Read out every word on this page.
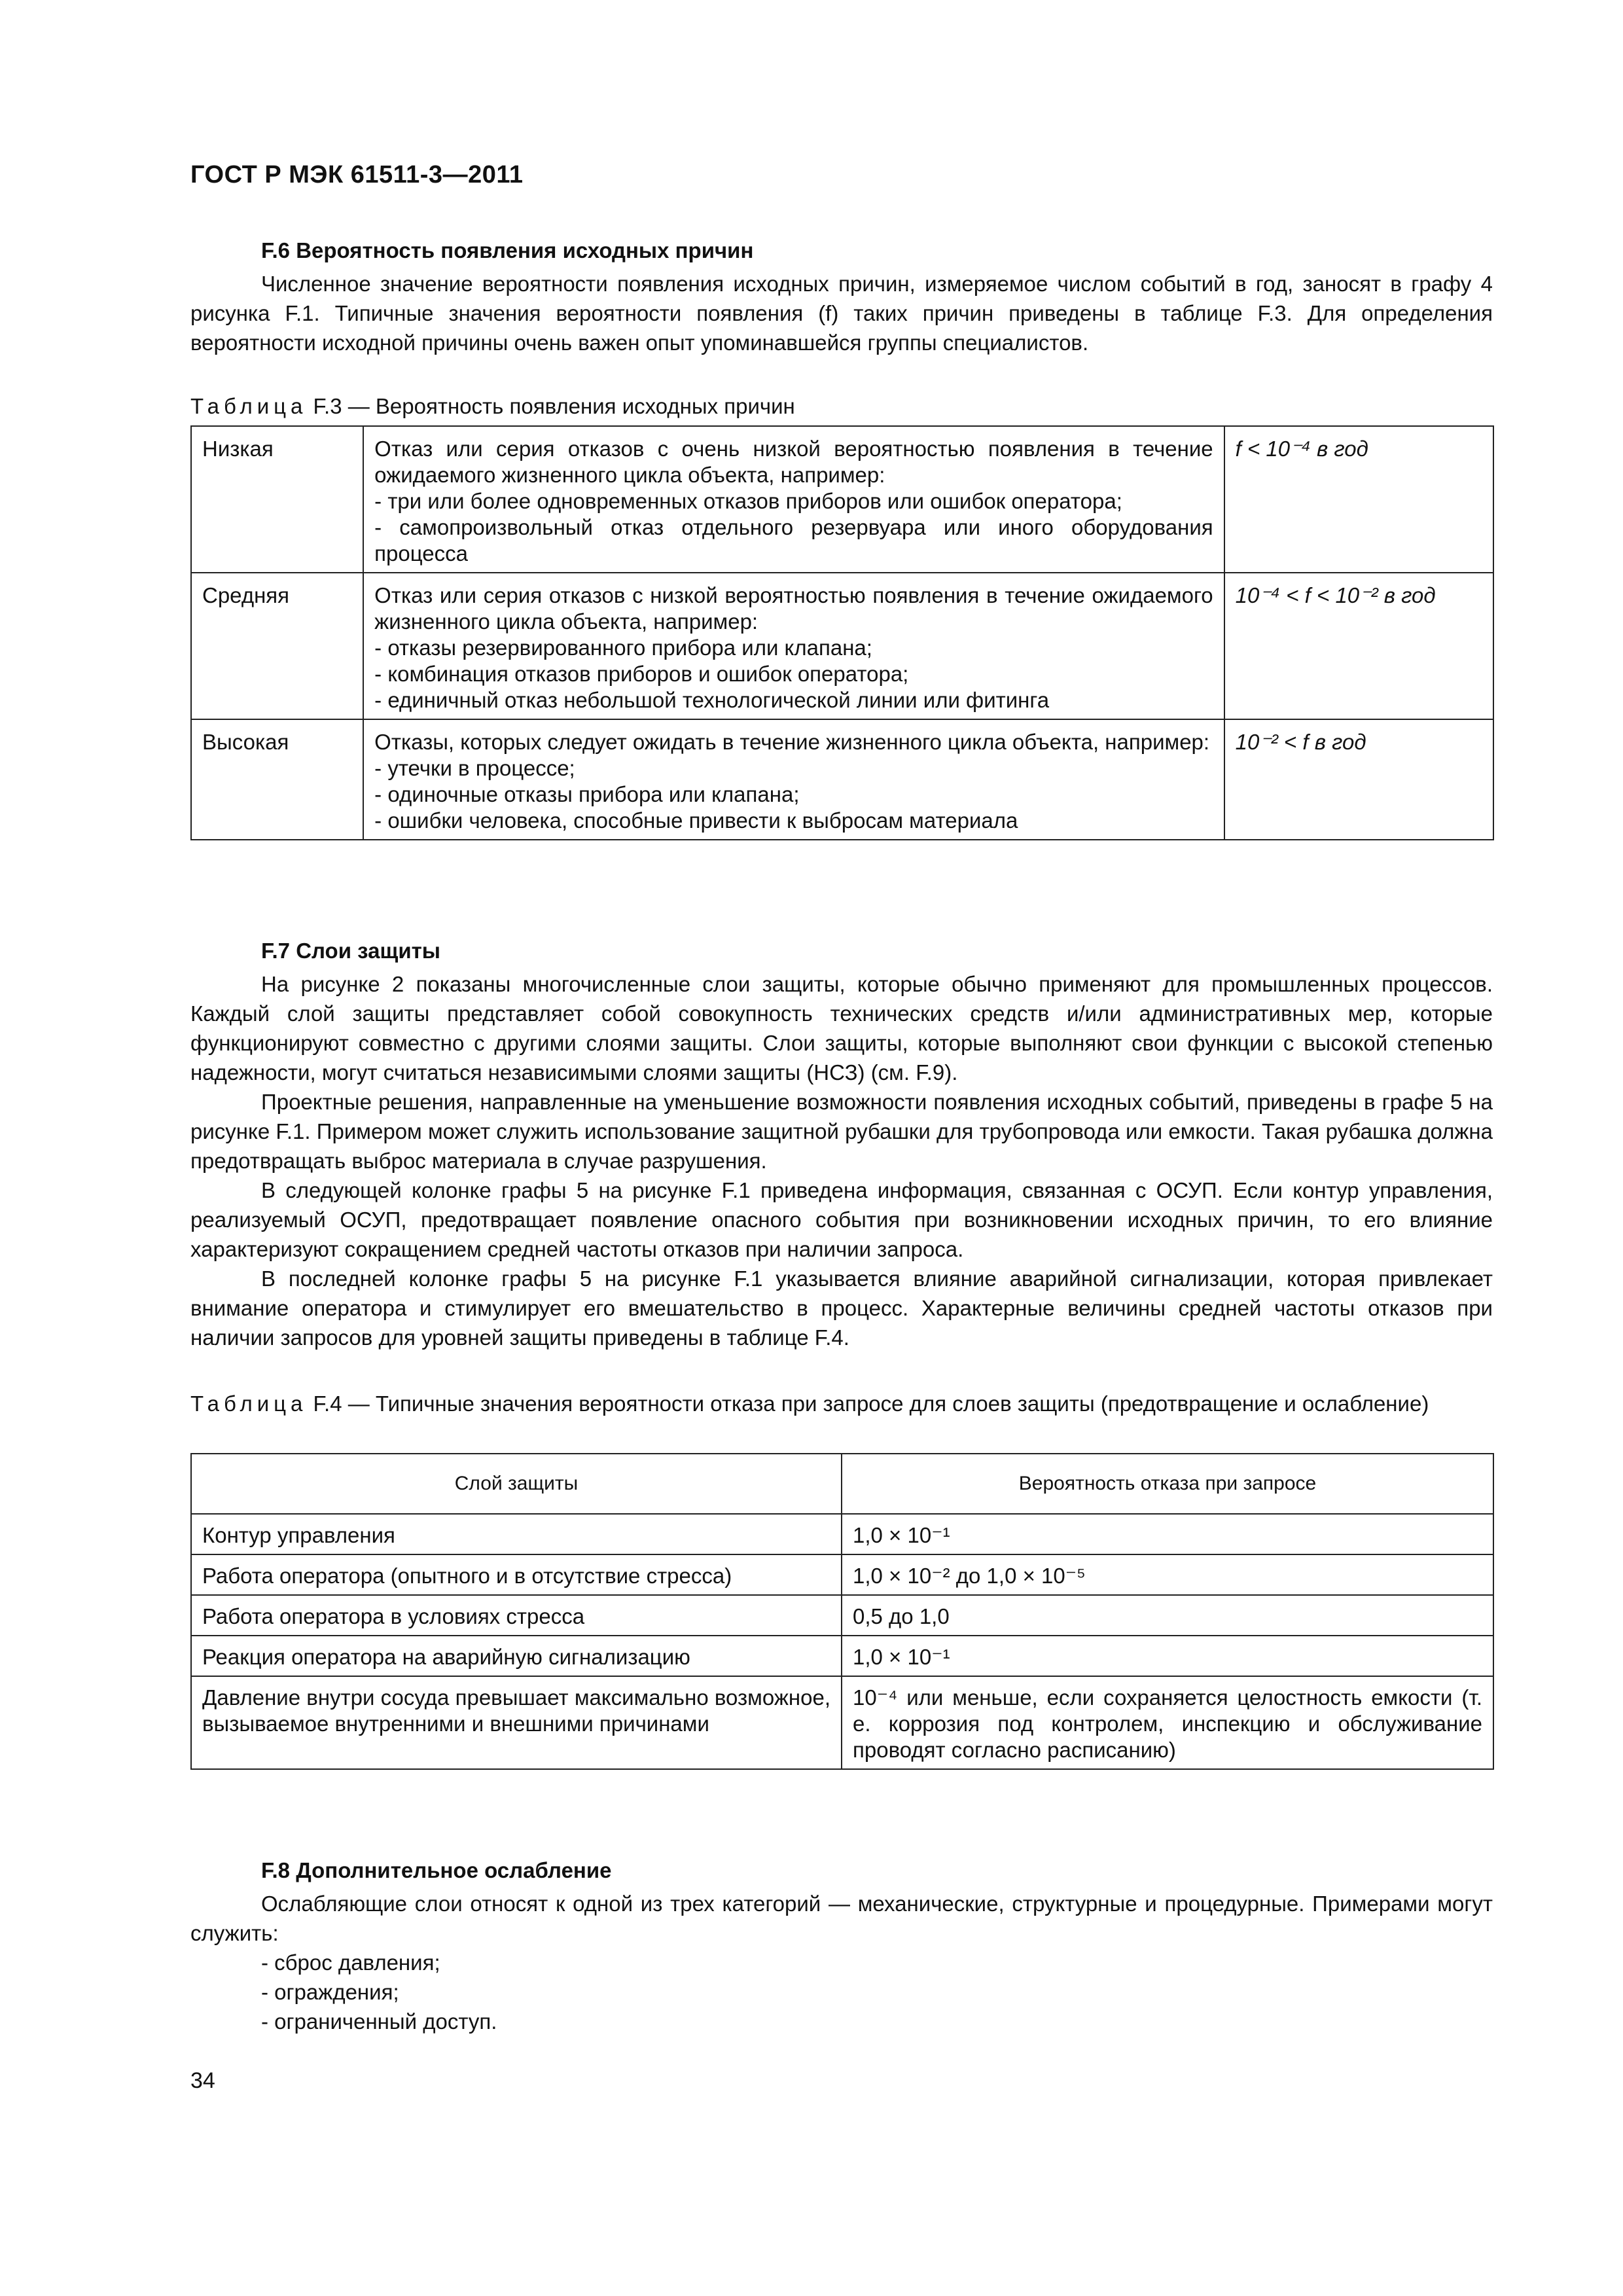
ГОСТ Р МЭК 61511-3—2011
F.6 Вероятность появления исходных причин

Численное значение вероятности появления исходных причин, измеряемое числом событий в год, заносят в графу 4 рисунка F.1. Типичные значения вероятности появления (f) таких причин приведены в таблице F.3. Для определения вероятности исходной причины очень важен опыт упоминавшейся группы специалистов.

Таблица F.3 — Вероятность появления исходных причин
Низкая	Отказ или серия отказов с очень низкой вероятностью появления в течение ожидаемого жизненного цикла объекта, например:
- три или более одновременных отказов приборов или ошибок оператора;
- самопроизвольный отказ отдельного резервуара или иного оборудования процесса	f < 10⁻⁴ в год
Средняя	Отказ или серия отказов с низкой вероятностью появления в течение ожидаемого жизненного цикла объекта, например:
- отказы резервированного прибора или клапана;
- комбинация отказов приборов и ошибок оператора;
- единичный отказ небольшой технологической линии или фитинга	10⁻⁴ < f < 10⁻² в год
Высокая	Отказы, которых следует ожидать в течение жизненного цикла объекта, например:
- утечки в процессе;
- одиночные отказы прибора или клапана;
- ошибки человека, способные привести к выбросам материала	10⁻² < f в год
F.7 Слои защиты

На рисунке 2 показаны многочисленные слои защиты, которые обычно применяют для промышленных процессов. Каждый слой защиты представляет собой совокупность технических средств и/или административных мер, которые функционируют совместно с другими слоями защиты. Слои защиты, которые выполняют свои функции с высокой степенью надежности, могут считаться независимыми слоями защиты (НСЗ) (см. F.9).

Проектные решения, направленные на уменьшение возможности появления исходных событий, приведены в графе 5 на рисунке F.1. Примером может служить использование защитной рубашки для трубопровода или емкости. Такая рубашка должна предотвращать выброс материала в случае разрушения.

В следующей колонке графы 5 на рисунке F.1 приведена информация, связанная с ОСУП. Если контур управления, реализуемый ОСУП, предотвращает появление опасного события при возникновении исходных причин, то его влияние характеризуют сокращением средней частоты отказов при наличии запроса.

В последней колонке графы 5 на рисунке F.1 указывается влияние аварийной сигнализации, которая привлекает внимание оператора и стимулирует его вмешательство в процесс. Характерные величины средней частоты отказов при наличии запросов для уровней защиты приведены в таблице F.4.

Таблица F.4 — Типичные значения вероятности отказа при запросе для слоев защиты (предотвращение и ослабление)
Слой защиты	Вероятность отказа при запросе
Контур управления	1,0 × 10⁻¹
Работа оператора (опытного и в отсутствие стресса)	1,0 × 10⁻² до 1,0 × 10⁻⁵
Работа оператора в условиях стресса	0,5 до 1,0
Реакция оператора на аварийную сигнализацию	1,0 × 10⁻¹
Давление внутри сосуда превышает максимально возможное, вызываемое внутренними и внешними причинами	10⁻⁴ или меньше, если сохраняется целостность емкости (т. е. коррозия под контролем, инспекцию и обслуживание проводят согласно расписанию)
F.8 Дополнительное ослабление

Ослабляющие слои относят к одной из трех категорий — механические, структурные и процедурные. Примерами могут служить:

- сброс давления;
- ограждения;
- ограниченный доступ.
34
